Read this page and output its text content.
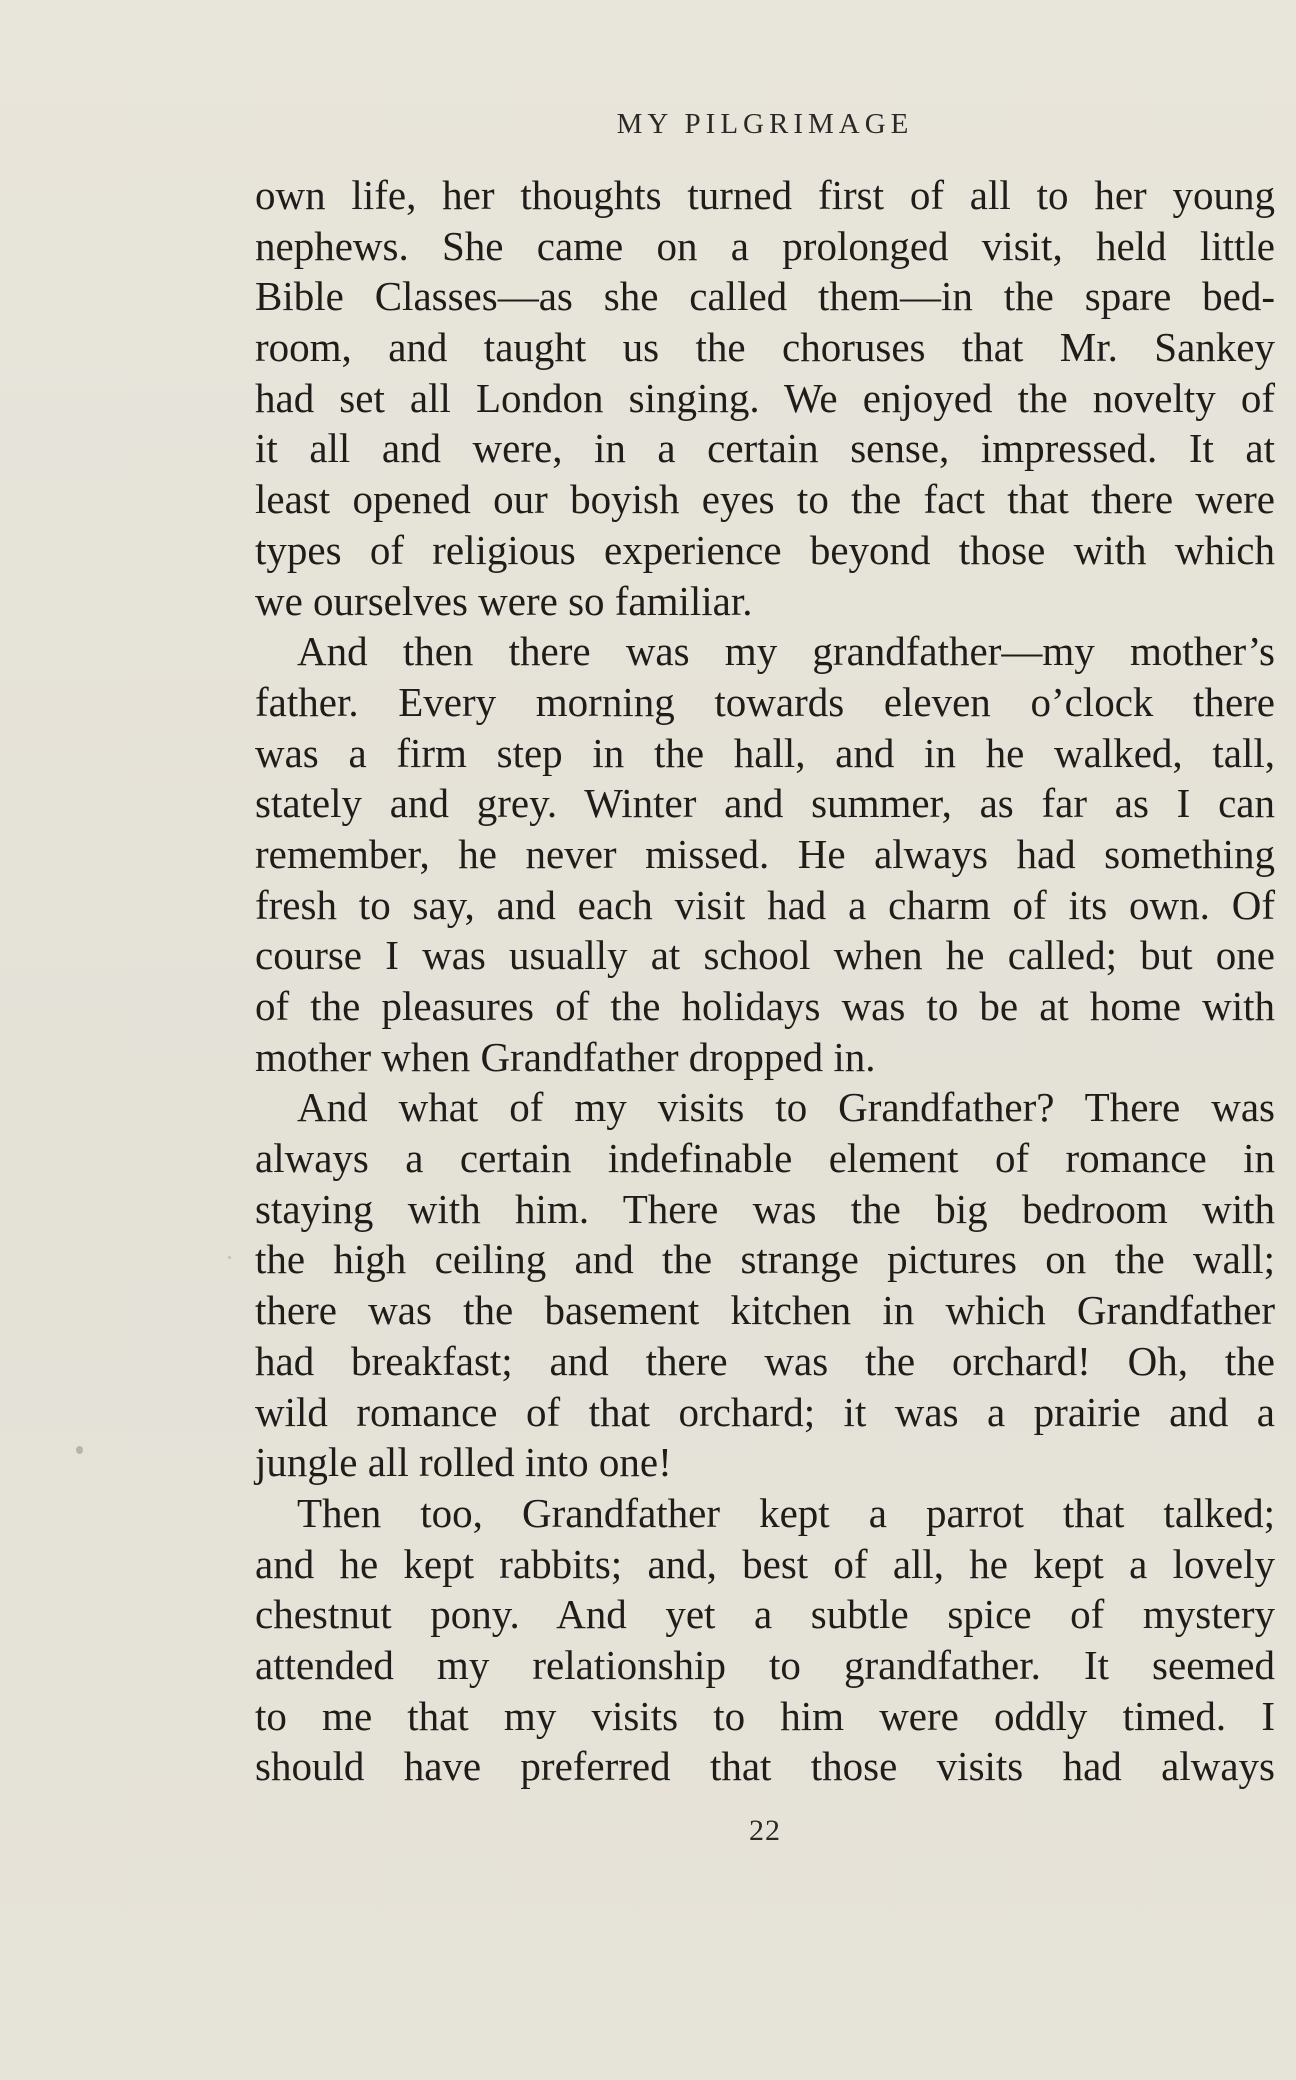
MY PILGRIMAGE
own life, her thoughts turned first of all to her young
nephews. She came on a prolonged visit, held little
Bible Classes—as she called them—in the spare bed-
room, and taught us the choruses that Mr. Sankey
had set all London singing. We enjoyed the novelty of
it all and were, in a certain sense, impressed. It at
least opened our boyish eyes to the fact that there were
types of religious experience beyond those with which
we ourselves were so familiar.
And then there was my grandfather—my mother’s
father. Every morning towards eleven o’clock there
was a firm step in the hall, and in he walked, tall,
stately and grey. Winter and summer, as far as I can
remember, he never missed. He always had something
fresh to say, and each visit had a charm of its own. Of
course I was usually at school when he called; but one
of the pleasures of the holidays was to be at home with
mother when Grandfather dropped in.
And what of my visits to Grandfather? There was
always a certain indefinable element of romance in
staying with him. There was the big bedroom with
the high ceiling and the strange pictures on the wall;
there was the basement kitchen in which Grandfather
had breakfast; and there was the orchard! Oh, the
wild romance of that orchard; it was a prairie and a
jungle all rolled into one!
Then too, Grandfather kept a parrot that talked;
and he kept rabbits; and, best of all, he kept a lovely
chestnut pony. And yet a subtle spice of mystery
attended my relationship to grandfather. It seemed
to me that my visits to him were oddly timed. I
should have preferred that those visits had always
22
